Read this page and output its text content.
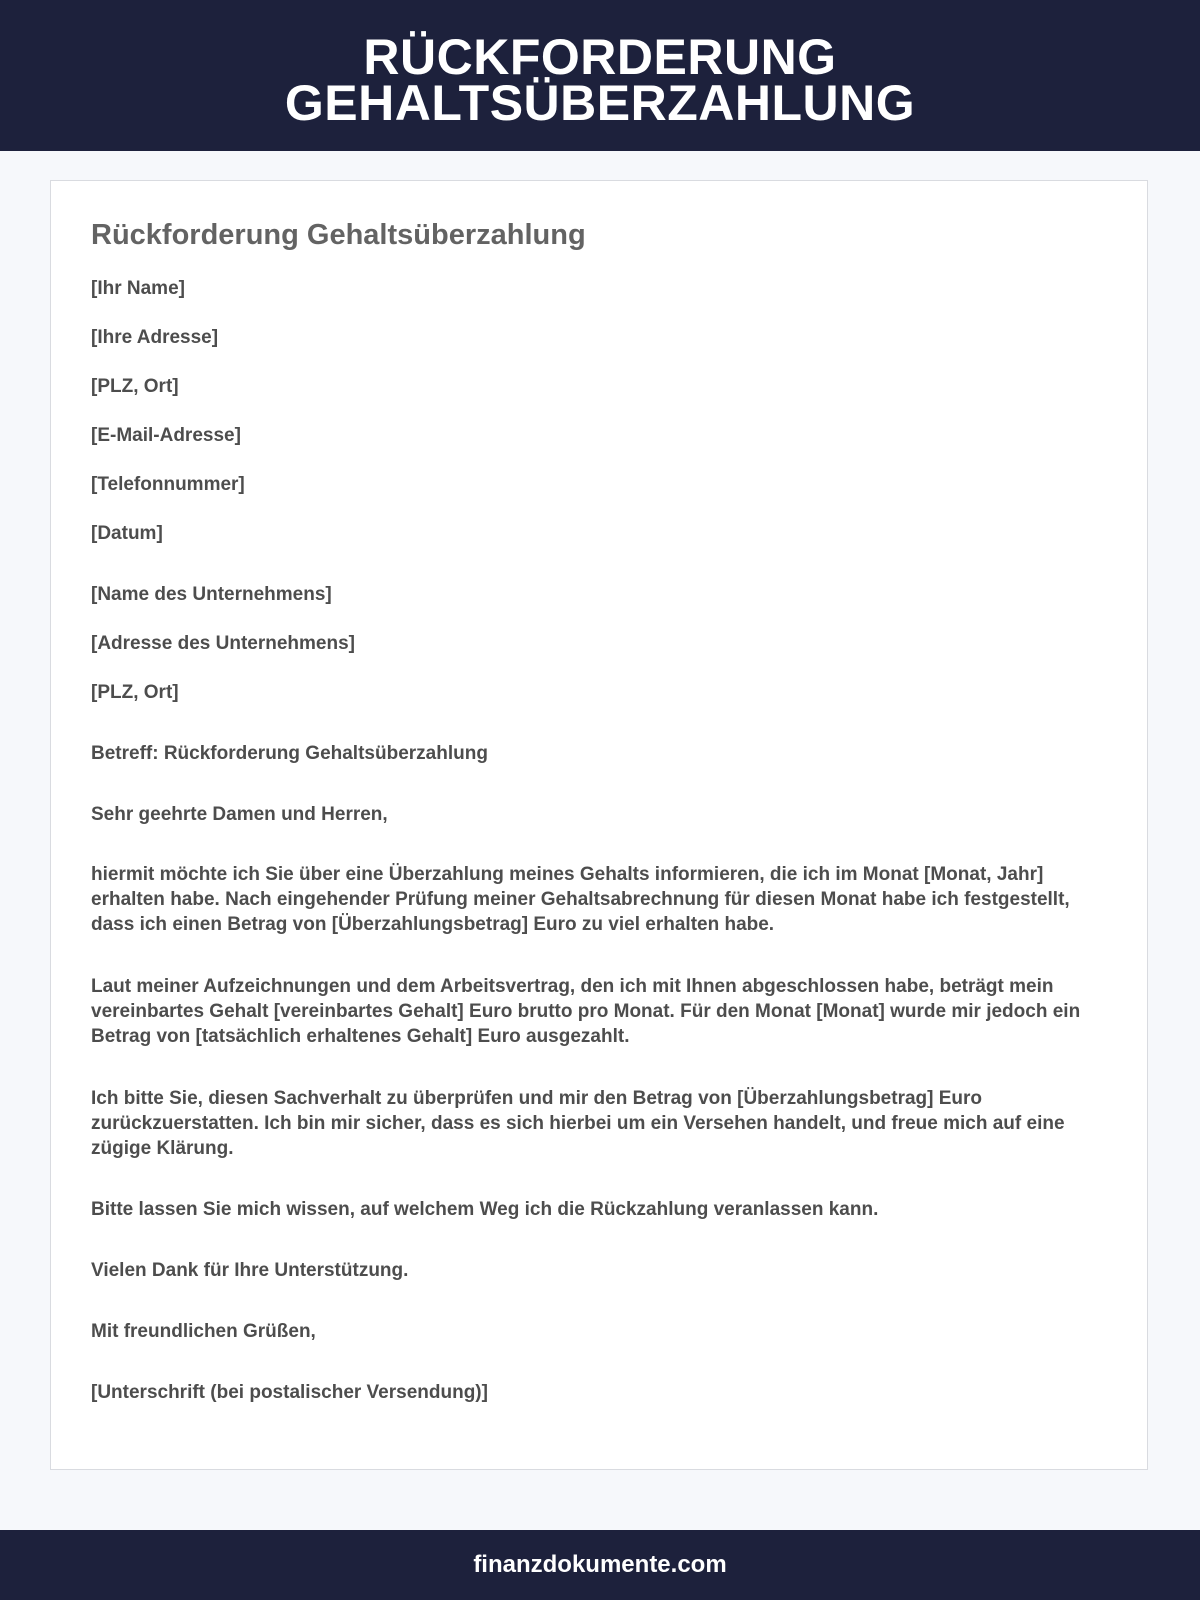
RÜCKFORDERUNG GEHALTSÜBERZAHLUNG
Rückforderung Gehaltsüberzahlung
[Ihr Name]
[Ihre Adresse]
[PLZ, Ort]
[E-Mail-Adresse]
[Telefonnummer]
[Datum]
[Name des Unternehmens]
[Adresse des Unternehmens]
[PLZ, Ort]
Betreff: Rückforderung Gehaltsüberzahlung
Sehr geehrte Damen und Herren,
hiermit möchte ich Sie über eine Überzahlung meines Gehalts informieren, die ich im Monat [Monat, Jahr] erhalten habe. Nach eingehender Prüfung meiner Gehaltsabrechnung für diesen Monat habe ich festgestellt, dass ich einen Betrag von [Überzahlungsbetrag] Euro zu viel erhalten habe.
Laut meiner Aufzeichnungen und dem Arbeitsvertrag, den ich mit Ihnen abgeschlossen habe, beträgt mein vereinbartes Gehalt [vereinbartes Gehalt] Euro brutto pro Monat. Für den Monat [Monat] wurde mir jedoch ein Betrag von [tatsächlich erhaltenes Gehalt] Euro ausgezahlt.
Ich bitte Sie, diesen Sachverhalt zu überprüfen und mir den Betrag von [Überzahlungsbetrag] Euro zurückzuerstatten. Ich bin mir sicher, dass es sich hierbei um ein Versehen handelt, und freue mich auf eine zügige Klärung.
Bitte lassen Sie mich wissen, auf welchem Weg ich die Rückzahlung veranlassen kann.
Vielen Dank für Ihre Unterstützung.
Mit freundlichen Grüßen,
[Unterschrift (bei postalischer Versendung)]
finanzdokumente.com
